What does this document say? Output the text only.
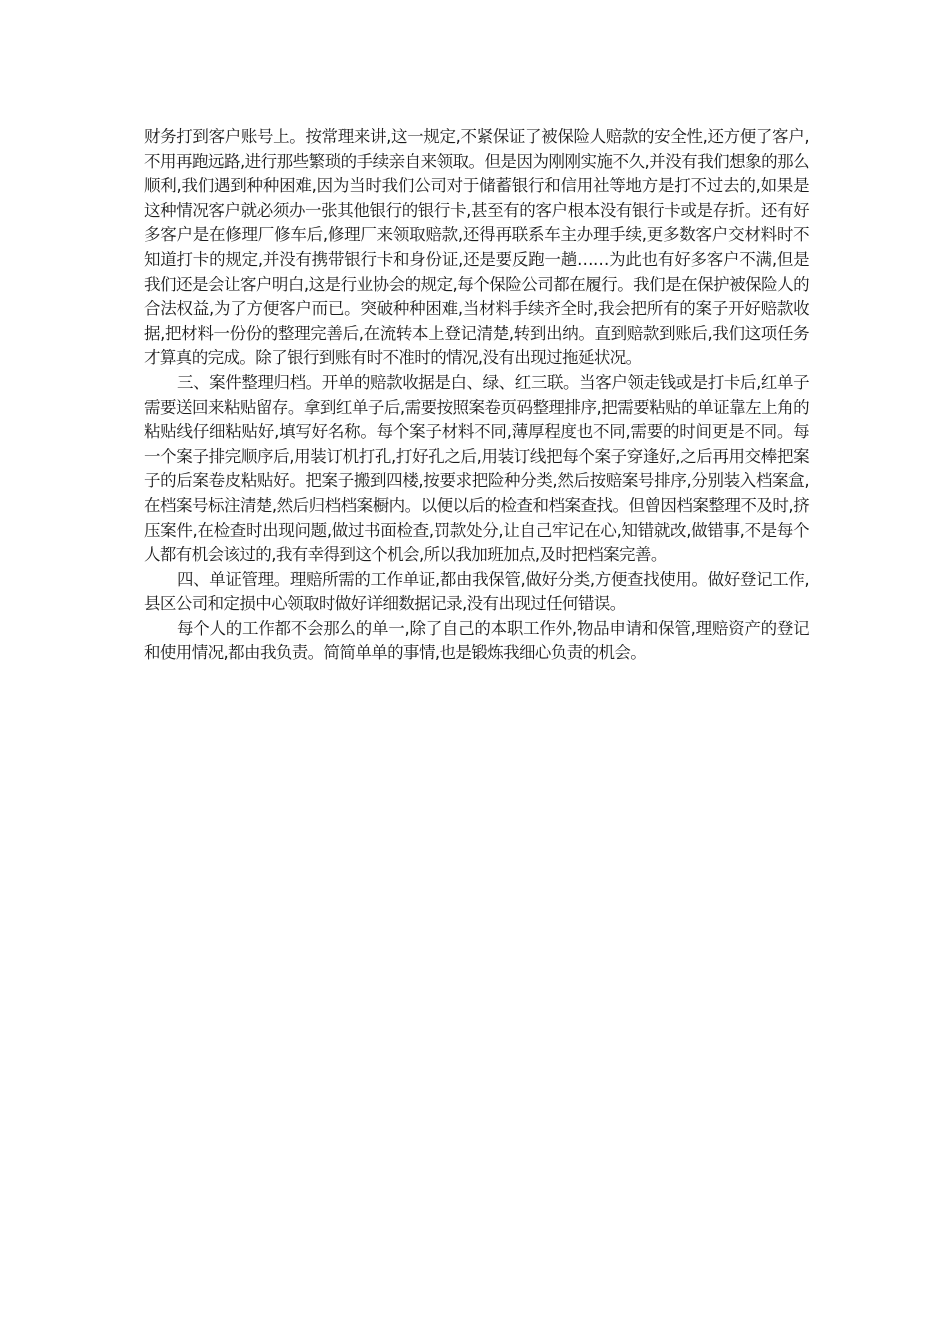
财务打到客户账号上。按常理来讲,这一规定,不紧保证了被保险人赔款的安全性,还方便了客户,不用再跑远路,进行那些繁琐的手续亲自来领取。但是因为刚刚实施不久,并没有我们想象的那么顺利,我们遇到种种困难,因为当时我们公司对于储蓄银行和信用社等地方是打不过去的,如果是这种情况客户就必须办一张其他银行的银行卡,甚至有的客户根本没有银行卡或是存折。还有好多客户是在修理厂修车后,修理厂来领取赔款,还得再联系车主办理手续,更多数客户交材料时不知道打卡的规定,并没有携带银行卡和身份证,还是要反跑一趟……为此也有好多客户不满,但是我们还是会让客户明白,这是行业协会的规定,每个保险公司都在履行。我们是在保护被保险人的合法权益,为了方便客户而已。突破种种困难,当材料手续齐全时,我会把所有的案子开好赔款收据,把材料一份份的整理完善后,在流转本上登记清楚,转到出纳。直到赔款到账后,我们这项任务才算真的完成。除了银行到账有时不准时的情况,没有出现过拖延状况。

三、案件整理归档。开单的赔款收据是白、绿、红三联。当客户领走钱或是打卡后,红单子需要送回来粘贴留存。拿到红单子后,需要按照案卷页码整理排序,把需要粘贴的单证靠左上角的粘贴线仔细粘贴好,填写好名称。每个案子材料不同,薄厚程度也不同,需要的时间更是不同。每一个案子排完顺序后,用装订机打孔,打好孔之后,用装订线把每个案子穿逢好,之后再用交棒把案子的后案卷皮粘贴好。把案子搬到四楼,按要求把险种分类,然后按赔案号排序,分别装入档案盒,在档案号标注清楚,然后归档档案橱内。以便以后的检查和档案查找。但曾因档案整理不及时,挤压案件,在检查时出现问题,做过书面检查,罚款处分,让自己牢记在心,知错就改,做错事,不是每个人都有机会该过的,我有幸得到这个机会,所以我加班加点,及时把档案完善。

四、单证管理。理赔所需的工作单证,都由我保管,做好分类,方便查找使用。做好登记工作,县区公司和定损中心领取时做好详细数据记录,没有出现过任何错误。

每个人的工作都不会那么的单一,除了自己的本职工作外,物品申请和保管,理赔资产的登记和使用情况,都由我负责。简简单单的事情,也是锻炼我细心负责的机会。
